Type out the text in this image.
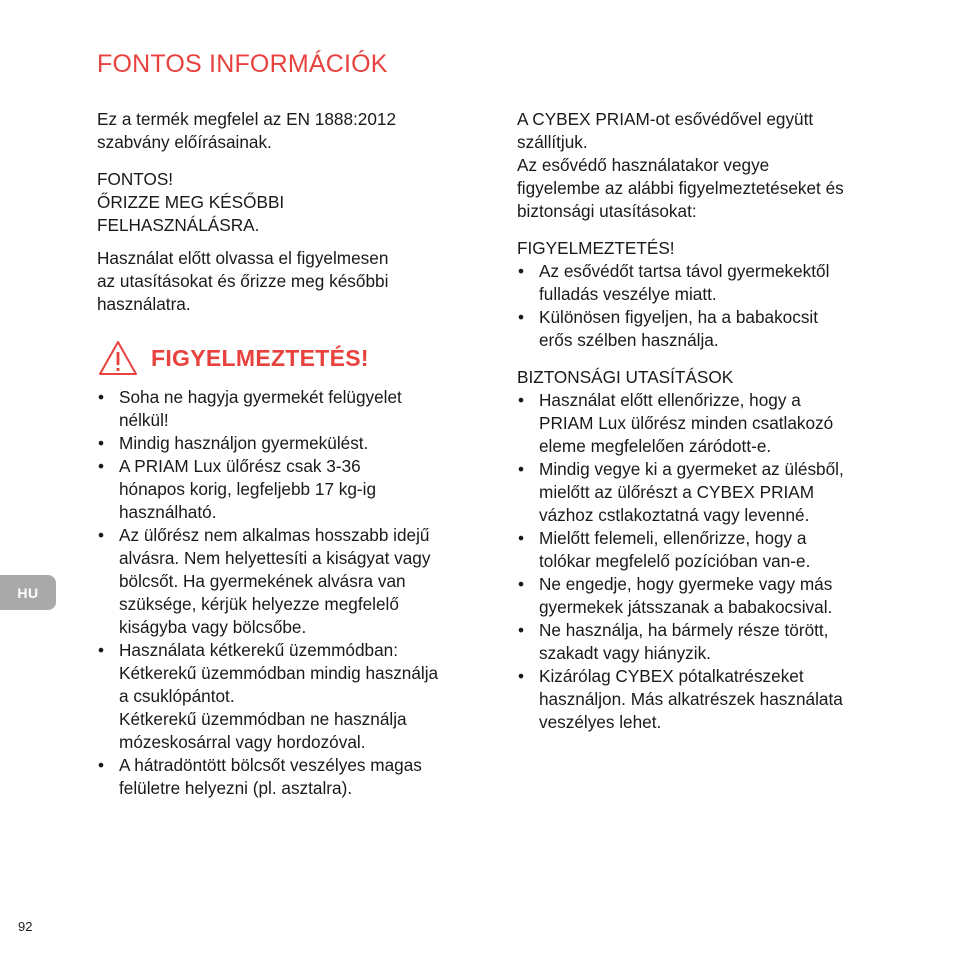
FONTOS INFORMÁCIÓK

Ez a termék megfelel az EN 1888:2012
szabvány előírásainak.

FONTOS!
ŐRIZZE MEG KÉSŐBBI
FELHASZNÁLÁSRA.

Használat előtt olvassa el figyelmesen
az utasításokat és őrizze meg későbbi
használatra.

FIGYELMEZTETÉS!
• Soha ne hagyja gyermekét felügyelet
nélkül!
• Mindig használjon gyermekülést.
• A PRIAM Lux ülőrész csak 3-36
hónapos korig, legfeljebb 17 kg-ig
használható.
• Az ülőrész nem alkalmas hosszabb idejű
alvásra. Nem helyettesíti a kiságyat vagy
bölcsőt. Ha gyermekének alvásra van
szüksége, kérjük helyezze megfelelő
kiságyba vagy bölcsőbe.
• Használata kétkerekű üzemmódban:
Kétkerekű üzemmódban mindig használja
a csuklópántot.
Kétkerekű üzemmódban ne használja
mózeskosárral vagy hordozóval.
• A hátradöntött bölcsőt veszélyes magas
felületre helyezni (pl. asztalra).

A CYBEX PRIAM-ot esővédővel együtt
szállítjuk.
Az esővédő használatakor vegye
figyelembe az alábbi figyelmeztetéseket és
biztonsági utasításokat:

FIGYELMEZTETÉS!

• Az esővédőt tartsa távol gyermekektől
fulladás veszélye miatt.
• Különösen figyeljen, ha a babakocsit
erős szélben használja.

BIZTONSÁGI UTASÍTÁSOK

• Használat előtt ellenőrizze, hogy a
PRIAM Lux ülőrész minden csatlakozó
eleme megfelelően záródott-e.
• Mindig vegye ki a gyermeket az ülésből,
mielőtt az ülőrészt a CYBEX PRIAM
vázhoz cstlakoztatná vagy levenné.
• Mielőtt felemeli, ellenőrizze, hogy a
tolókar megfelelő pozícióban van-e.
• Ne engedje, hogy gyermeke vagy más
gyermekek játsszanak a babakocsival.
• Ne használja, ha bármely része törött,
szakadt vagy hiányzik.
• Kizárólag CYBEX pótalkatrészeket
használjon. Más alkatrészek használata
veszélyes lehet.
HU
92
